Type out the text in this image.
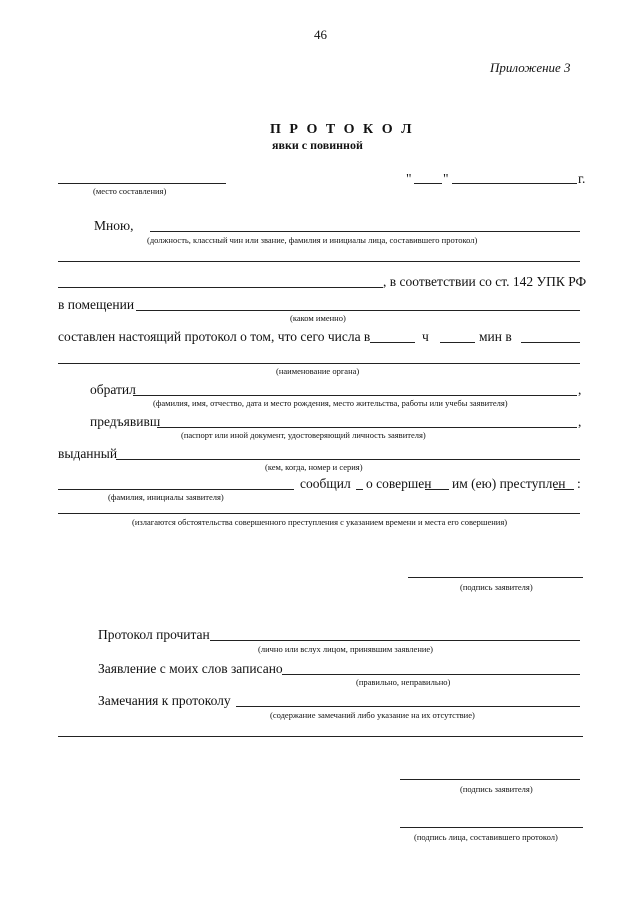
46
Приложение 3
П Р О Т О К О Л
явки с повинной
(место составления)
" "	г.
Мною,
(должность, классный чин или звание, фамилия и инициалы лица, составившего протокол)
, в соответствии со ст. 142 УПК РФ
в помещении
(каком именно)
составлен настоящий протокол о том, что сего числа в	ч	мин в
(наименование органа)
обратил	,
(фамилия, имя, отчество, дата и место рождения, место жительства, работы или учебы заявителя)
предъявивш	,
(паспорт или иной документ, удостоверяющий личность заявителя)
выданный
(кем, когда, номер и серия)
сообщил о совершен им (ею) преступлен :
(фамилия, инициалы заявителя)
(излагаются обстоятельства совершенного преступления с указанием времени и места его совершения)
(подпись заявителя)
Протокол прочитан
(лично или вслух лицом, принявшим заявление)
Заявление с моих слов записано
(правильно, неправильно)
Замечания к протоколу
(содержание замечаний либо указание на их отсутствие)
(подпись заявителя)
(подпись лица, составившего протокол)
